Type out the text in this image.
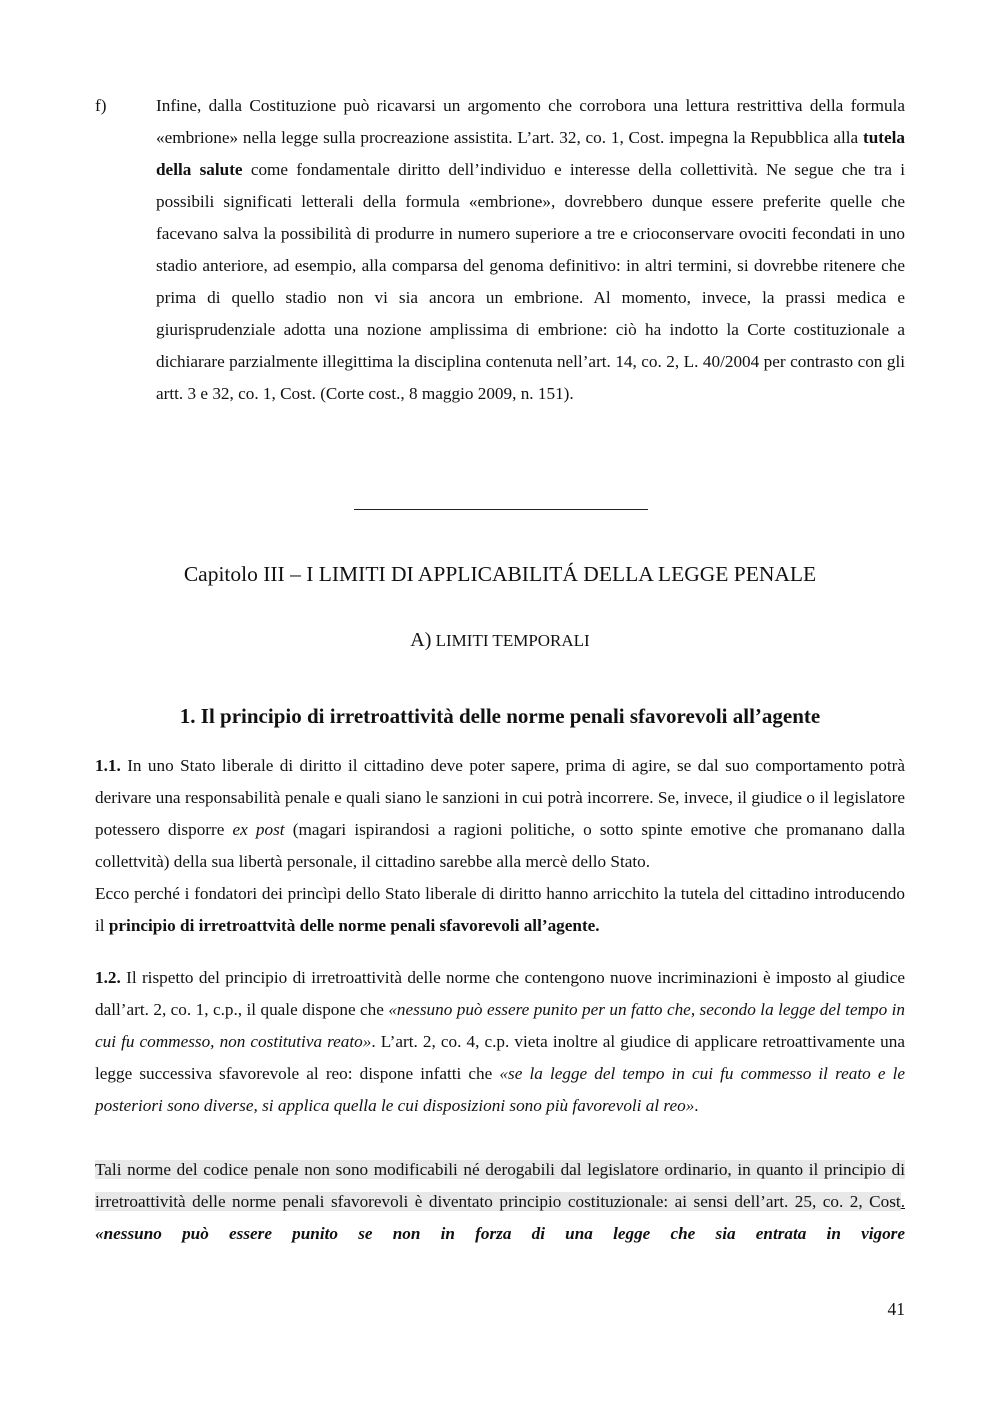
f)	Infine, dalla Costituzione può ricavarsi un argomento che corrobora una lettura restrittiva della formula «embrione» nella legge sulla procreazione assistita. L’art. 32, co. 1, Cost. impegna la Repubblica alla tutela della salute come fondamentale diritto dell’individuo e interesse della collettività. Ne segue che tra i possibili significati letterali della formula «embrione», dovrebbero dunque essere preferite quelle che facevano salva la possibilità di produrre in numero superiore a tre e crioconservare ovociti fecondati in uno stadio anteriore, ad esempio, alla comparsa del genoma definitivo: in altri termini, si dovrebbe ritenere che prima di quello stadio non vi sia ancora un embrione. Al momento, invece, la prassi medica e giurisprudenziale adotta una nozione amplissima di embrione: ciò ha indotto la Corte costituzionale a dichiarare parzialmente illegittima la disciplina contenuta nell’art. 14, co. 2, L. 40/2004 per contrasto con gli artt. 3 e 32, co. 1, Cost. (Corte cost., 8 maggio 2009, n. 151).
Capitolo III – I LIMITI DI APPLICABILITÁ DELLA LEGGE PENALE
A) LIMITI TEMPORALI
1. Il principio di irretroattività delle norme penali sfavorevoli all’agente
1.1. In uno Stato liberale di diritto il cittadino deve poter sapere, prima di agire, se dal suo comportamento potrà derivare una responsabilità penale e quali siano le sanzioni in cui potrà incorrere. Se, invece, il giudice o il legislatore potessero disporre ex post (magari ispirandosi a ragioni politiche, o sotto spinte emotive che promanano dalla collettvità) della sua libertà personale, il cittadino sarebbe alla mercè dello Stato.
Ecco perché i fondatori dei princìpi dello Stato liberale di diritto hanno arricchito la tutela del cittadino introducendo il principio di irretroattvità delle norme penali sfavorevoli all’agente.
1.2. Il rispetto del principio di irretroattività delle norme che contengono nuove incriminazioni è imposto al giudice dall’art. 2, co. 1, c.p., il quale dispone che «nessuno può essere punito per un fatto che, secondo la legge del tempo in cui fu commesso, non costitutiva reato». L’art. 2, co. 4, c.p. vieta inoltre al giudice di applicare retroattivamente una legge successiva sfavorevole al reo: dispone infatti che «se la legge del tempo in cui fu commesso il reato e le posteriori sono diverse, si applica quella le cui disposizioni sono più favorevoli al reo».
Tali norme del codice penale non sono modificabili né derogabili dal legislatore ordinario, in quanto il principio di irretroattività delle norme penali sfavorevoli è diventato principio costituzionale: ai sensi dell’art. 25, co. 2, Cost. «nessuno può essere punito se non in forza di una legge che sia entrata in vigore
41
